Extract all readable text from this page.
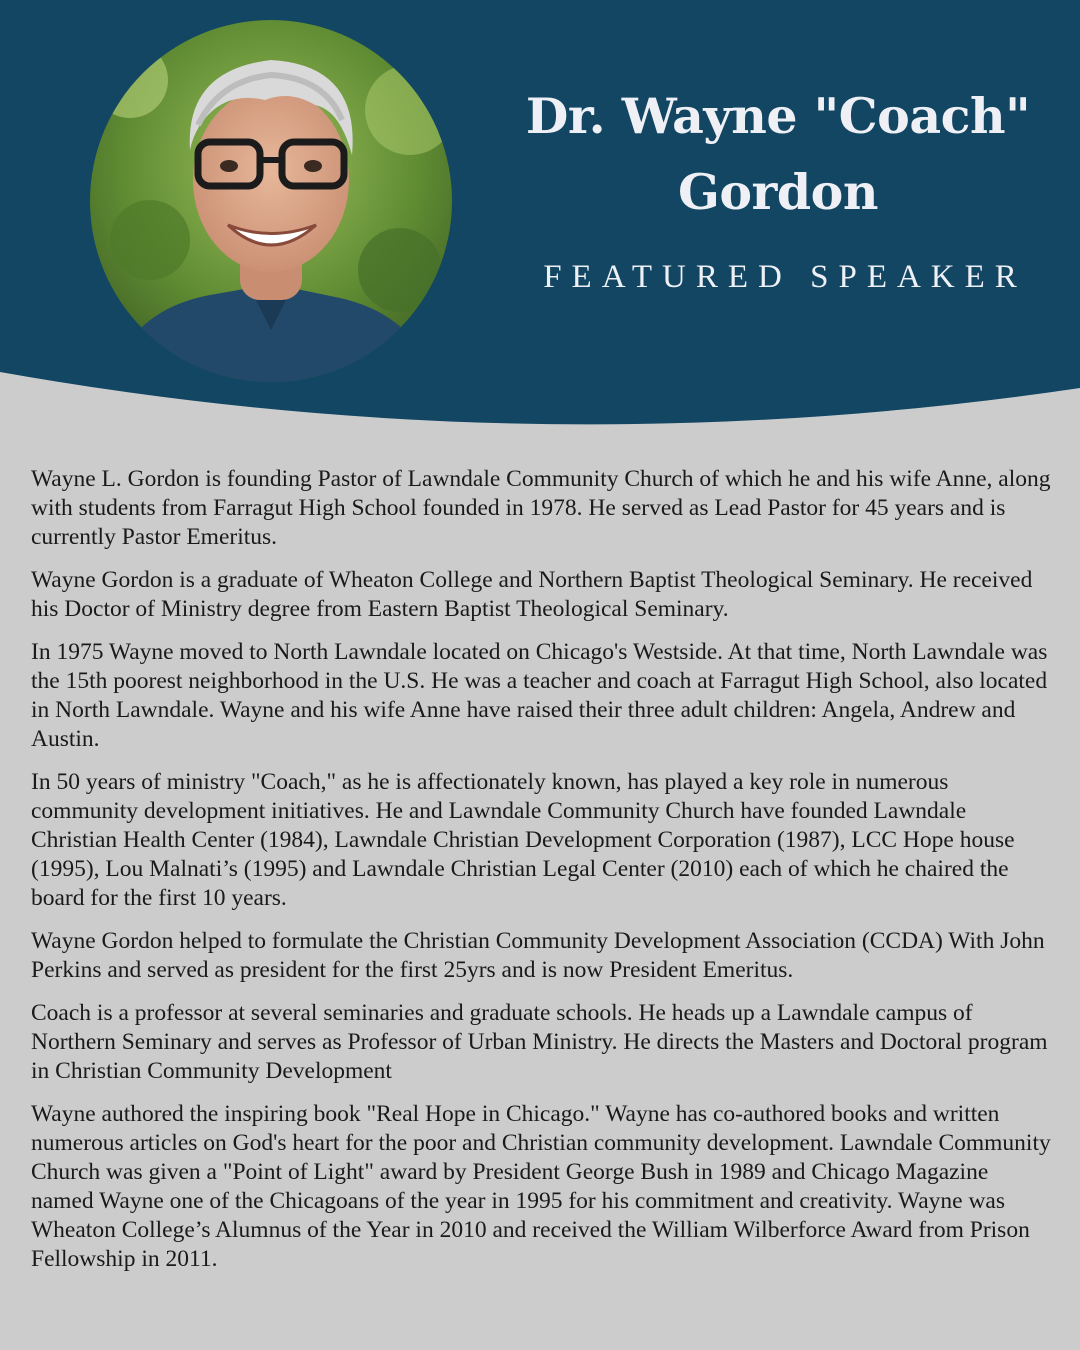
Dr. Wayne "Coach" Gordon
FEATURED SPEAKER

Wayne L. Gordon is founding Pastor of Lawndale Community Church of which he and his wife Anne, along with students from Farragut High School founded in 1978. He served as Lead Pastor for 45 years and is currently Pastor Emeritus.

Wayne Gordon is a graduate of Wheaton College and Northern Baptist Theological Seminary. He received his Doctor of Ministry degree from Eastern Baptist Theological Seminary.

In 1975 Wayne moved to North Lawndale located on Chicago's Westside. At that time, North Lawndale was the 15th poorest neighborhood in the U.S. He was a teacher and coach at Farragut High School, also located in North Lawndale. Wayne and his wife Anne have raised their three adult children: Angela, Andrew and Austin.

In 50 years of ministry "Coach," as he is affectionately known, has played a key role in numerous community development initiatives. He and Lawndale Community Church have founded Lawndale Christian Health Center (1984), Lawndale Christian Development Corporation (1987), LCC Hope house (1995), Lou Malnati’s (1995) and Lawndale Christian Legal Center (2010) each of which he chaired the board for the first 10 years.

Wayne Gordon helped to formulate the Christian Community Development Association (CCDA) With John Perkins and served as president for the first 25yrs and is now President Emeritus.

Coach is a professor at several seminaries and graduate schools. He heads up a Lawndale campus of Northern Seminary and serves as Professor of Urban Ministry. He directs the Masters and Doctoral program in Christian Community Development

Wayne authored the inspiring book "Real Hope in Chicago." Wayne has co-authored books and written numerous articles on God's heart for the poor and Christian community development. Lawndale Community Church was given a "Point of Light" award by President George Bush in 1989 and Chicago Magazine named Wayne one of the Chicagoans of the year in 1995 for his commitment and creativity. Wayne was Wheaton College’s Alumnus of the Year in 2010 and received the William Wilberforce Award from Prison Fellowship in 2011.
